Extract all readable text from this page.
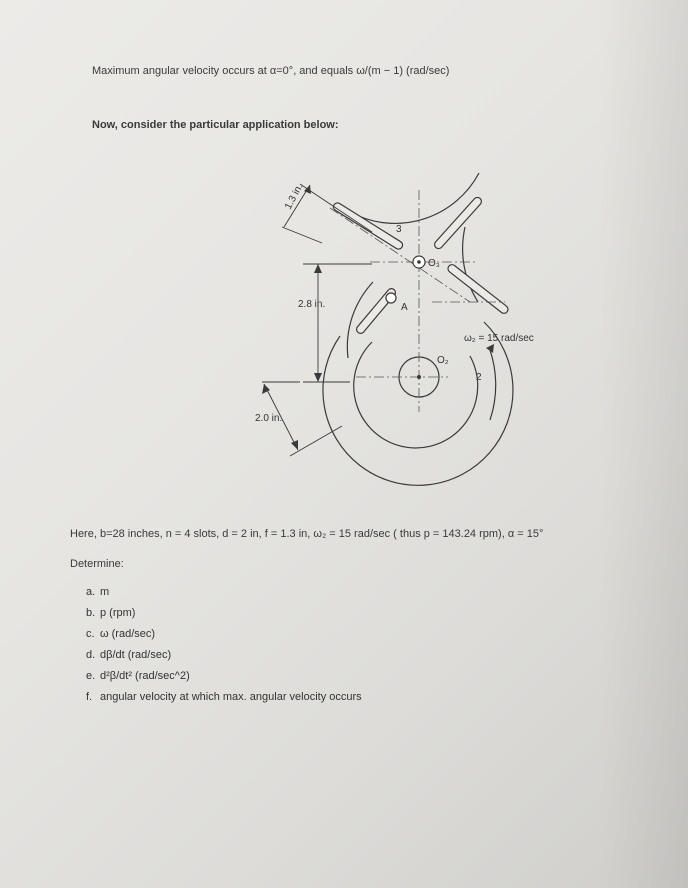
Maximum angular velocity occurs at α=0°, and equals ω/(m − 1) (rad/sec)
Now, consider the particular application below:
1.3 in.
2.8 in.
2.0 in.
3
O₃
A
O₂
2
ω₂ = 15 rad/sec
Here, b=28 inches, n = 4 slots, d = 2 in, f = 1.3 in, ω₂ = 15 rad/sec ( thus p = 143.24 rpm), α = 15°
Determine:
a. m
b. p (rpm)
c. ω (rad/sec)
d. dβ/dt (rad/sec)
e. d²β/dt² (rad/sec^2)
f. angular velocity at which max. angular velocity occurs
